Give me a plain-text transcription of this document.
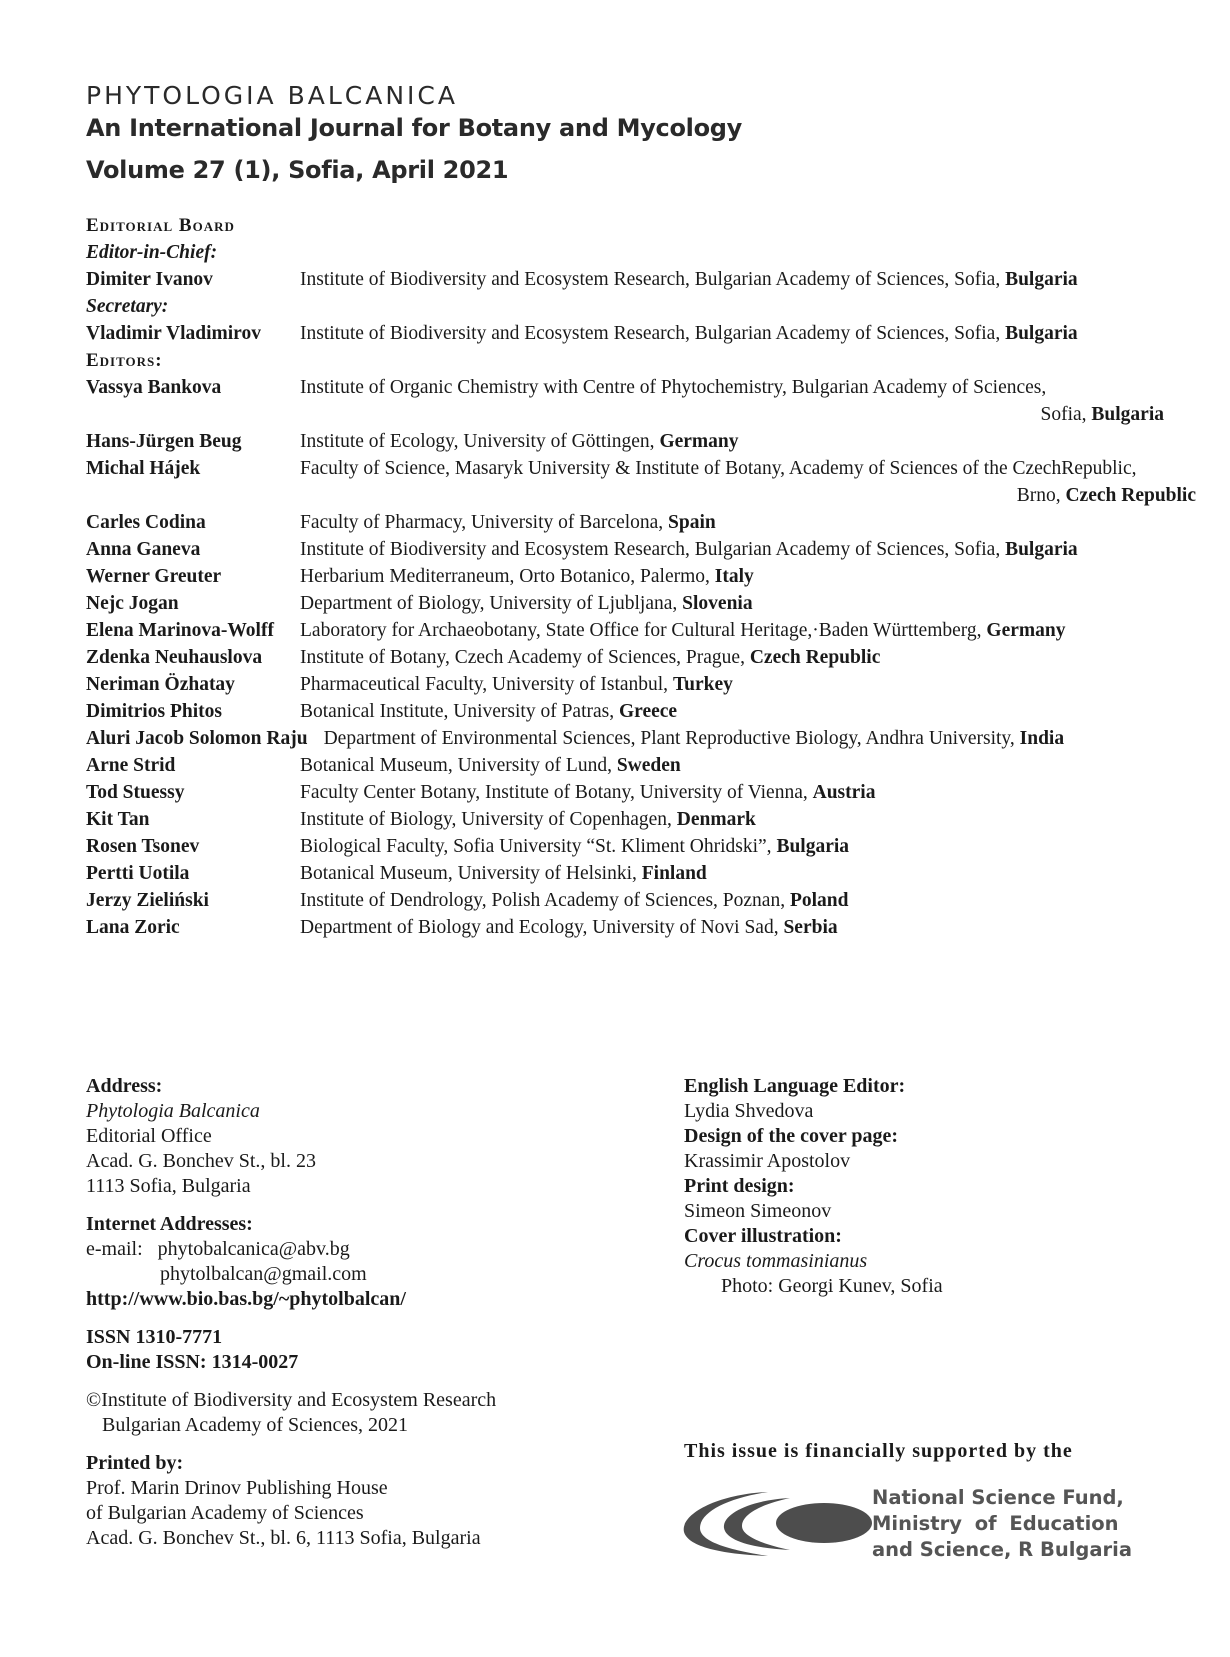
PHYTOLOGIA BALCANICA
An International Journal for Botany and Mycology
Volume 27 (1), Sofia, April 2021
Editorial Board
Editor-in-Chief:
Dimiter Ivanov	Institute of Biodiversity and Ecosystem Research, Bulgarian Academy of Sciences, Sofia, Bulgaria
Secretary:
Vladimir Vladimirov	Institute of Biodiversity and Ecosystem Research, Bulgarian Academy of Sciences, Sofia, Bulgaria
Editors:
Vassya Bankova	Institute of Organic Chemistry with Centre of Phytochemistry, Bulgarian Academy of Sciences,
Sofia, Bulgaria
Hans-Jürgen Beug	Institute of Ecology, University of Göttingen, Germany
Michal Hájek	Faculty of Science, Masaryk University & Institute of Botany, Academy of Sciences of the CzechRepublic,
Brno, Czech Republic
Carles Codina	Faculty of Pharmacy, University of Barcelona, Spain
Anna Ganeva	Institute of Biodiversity and Ecosystem Research, Bulgarian Academy of Sciences, Sofia, Bulgaria
Werner Greuter	Herbarium Mediterraneum, Orto Botanico, Palermo, Italy
Nejc Jogan	Department of Biology, University of Ljubljana, Slovenia
Elena Marinova-Wolff	Laboratory for Archaeobotany, State Office for Cultural Heritage,·Baden Württemberg, Germany
Zdenka Neuhauslova	Institute of Botany, Czech Academy of Sciences, Prague, Czech Republic
Neriman Özhatay	Pharmaceutical Faculty, University of Istanbul, Turkey
Dimitrios Phitos	Botanical Institute, University of Patras, Greece
Aluri Jacob Solomon Raju Department of Environmental Sciences, Plant Reproductive Biology, Andhra University, India
Arne Strid	Botanical Museum, University of Lund, Sweden
Tod Stuessy	Faculty Center Botany, Institute of Botany, University of Vienna, Austria
Kit Tan	Institute of Biology, University of Copenhagen, Denmark
Rosen Tsonev	Biological Faculty, Sofia University “St. Kliment Ohridski”, Bulgaria
Pertti Uotila	Botanical Museum, University of Helsinki, Finland
Jerzy Zieliński	Institute of Dendrology, Polish Academy of Sciences, Poznan, Poland
Lana Zoric	Department of Biology and Ecology, University of Novi Sad, Serbia
Address:
Phytologia Balcanica
Editorial Office
Acad. G. Bonchev St., bl. 23
1113 Sofia, Bulgaria
Internet Addresses:
e-mail: phytobalcanica@abv.bg
phytolbalcan@gmail.com
http://www.bio.bas.bg/~phytolbalcan/
ISSN 1310-7771
On-line ISSN: 1314-0027
©Institute of Biodiversity and Ecosystem Research
Bulgarian Academy of Sciences, 2021
Printed by:
Prof. Marin Drinov Publishing House
of Bulgarian Academy of Sciences
Acad. G. Bonchev St., bl. 6, 1113 Sofia, Bulgaria
English Language Editor:
Lydia Shvedova
Design of the cover page:
Krassimir Apostolov
Print design:
Simeon Simeonov
Cover illustration:
Crocus tommasinianus
Photo: Georgi Kunev, Sofia
This issue is financially supported by the
National Science Fund,
Ministry of Education
and Science, R Bulgaria
